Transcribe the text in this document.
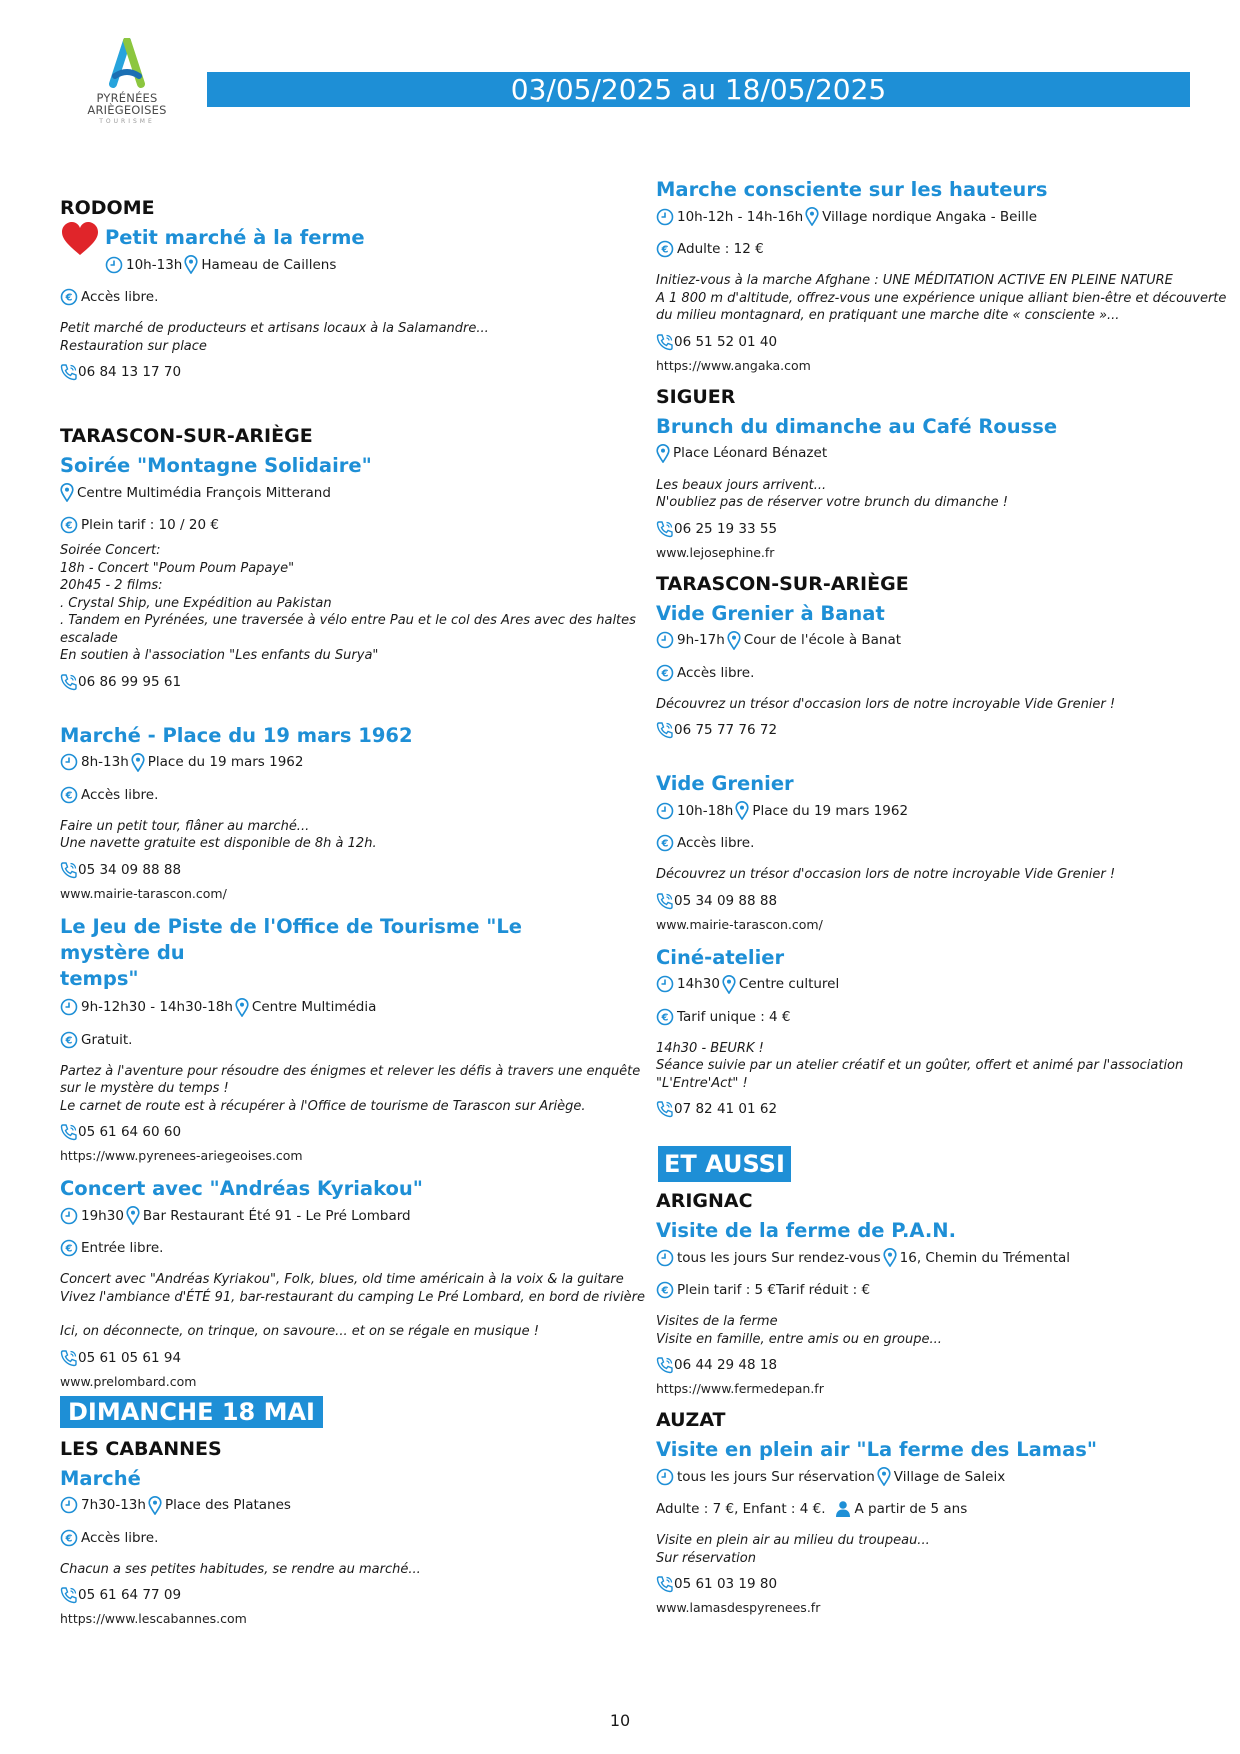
PYRÉNÉES
ARIÈGEOISES
TOURISME
03/05/2025 au 18/05/2025
RODOME
Petit marché à la ferme
10h-13h Hameau de Caillens
€ Accès libre.
Petit marché de producteurs et artisans locaux à la Salamandre...
Restauration sur place
06 84 13 17 70
TARASCON-SUR-ARIÈGE
Soirée "Montagne Solidaire"
Centre Multimédia François Mitterand
€ Plein tarif : 10 / 20 €
Soirée Concert:
18h - Concert "Poum Poum Papaye"
20h45 - 2 films:
. Crystal Ship, une Expédition au Pakistan
. Tandem en Pyrénées, une traversée à vélo entre Pau et le col des Ares avec des haltes
escalade
En soutien à l'association "Les enfants du Surya"
06 86 99 95 61
Marché - Place du 19 mars 1962
8h-13h Place du 19 mars 1962
€ Accès libre.
Faire un petit tour, flâner au marché...
Une navette gratuite est disponible de 8h à 12h.
05 34 09 88 88
www.mairie-tarascon.com/
Le Jeu de Piste de l'Office de Tourisme "Le mystère du
temps"
9h-12h30 - 14h30-18h Centre Multimédia
€ Gratuit.
Partez à l'aventure pour résoudre des énigmes et relever les défis à travers une enquête
sur le mystère du temps !
Le carnet de route est à récupérer à l'Office de tourisme de Tarascon sur Ariège.
05 61 64 60 60
https://www.pyrenees-ariegeoises.com
Concert avec "Andréas Kyriakou"
19h30 Bar Restaurant Été 91 - Le Pré Lombard
€ Entrée libre.
Concert avec "Andréas Kyriakou", Folk, blues, old time américain à la voix & la guitare
Vivez l'ambiance d'ÉTÉ 91, bar-restaurant du camping Le Pré Lombard, en bord de rivière
Ici, on déconnecte, on trinque, on savoure... et on se régale en musique !
05 61 05 61 94
www.prelombard.com
DIMANCHE 18 MAI
LES CABANNES
Marché
7h30-13h Place des Platanes
€ Accès libre.
Chacun a ses petites habitudes, se rendre au marché...
05 61 64 77 09
https://www.lescabannes.com
Marche consciente sur les hauteurs
10h-12h - 14h-16h Village nordique Angaka - Beille
€ Adulte : 12 €
Initiez-vous à la marche Afghane : UNE MÉDITATION ACTIVE EN PLEINE NATURE
A 1 800 m d'altitude, offrez-vous une expérience unique alliant bien-être et découverte
du milieu montagnard, en pratiquant une marche dite « consciente »...
06 51 52 01 40
https://www.angaka.com
SIGUER
Brunch du dimanche au Café Rousse
Place Léonard Bénazet
Les beaux jours arrivent...
N'oubliez pas de réserver votre brunch du dimanche !
06 25 19 33 55
www.lejosephine.fr
TARASCON-SUR-ARIÈGE
Vide Grenier à Banat
9h-17h Cour de l'école à Banat
€ Accès libre.
Découvrez un trésor d'occasion lors de notre incroyable Vide Grenier !
06 75 77 76 72
Vide Grenier
10h-18h Place du 19 mars 1962
€ Accès libre.
Découvrez un trésor d'occasion lors de notre incroyable Vide Grenier !
05 34 09 88 88
www.mairie-tarascon.com/
Ciné-atelier
14h30 Centre culturel
€ Tarif unique : 4 €
14h30 - BEURK !
Séance suivie par un atelier créatif et un goûter, offert et animé par l'association
"L'Entre'Act" !
07 82 41 01 62
ET AUSSI
ARIGNAC
Visite de la ferme de P.A.N.
tous les jours Sur rendez-vous 16, Chemin du Trémental
€ Plein tarif : 5 €Tarif réduit : €
Visites de la ferme
Visite en famille, entre amis ou en groupe...
06 44 29 48 18
https://www.fermedepan.fr
AUZAT
Visite en plein air "La ferme des Lamas"
tous les jours Sur réservation Village de Saleix
Adulte : 7 €, Enfant : 4 €. A partir de 5 ans
Visite en plein air au milieu du troupeau...
Sur réservation
05 61 03 19 80
www.lamasdespyrenees.fr
10
